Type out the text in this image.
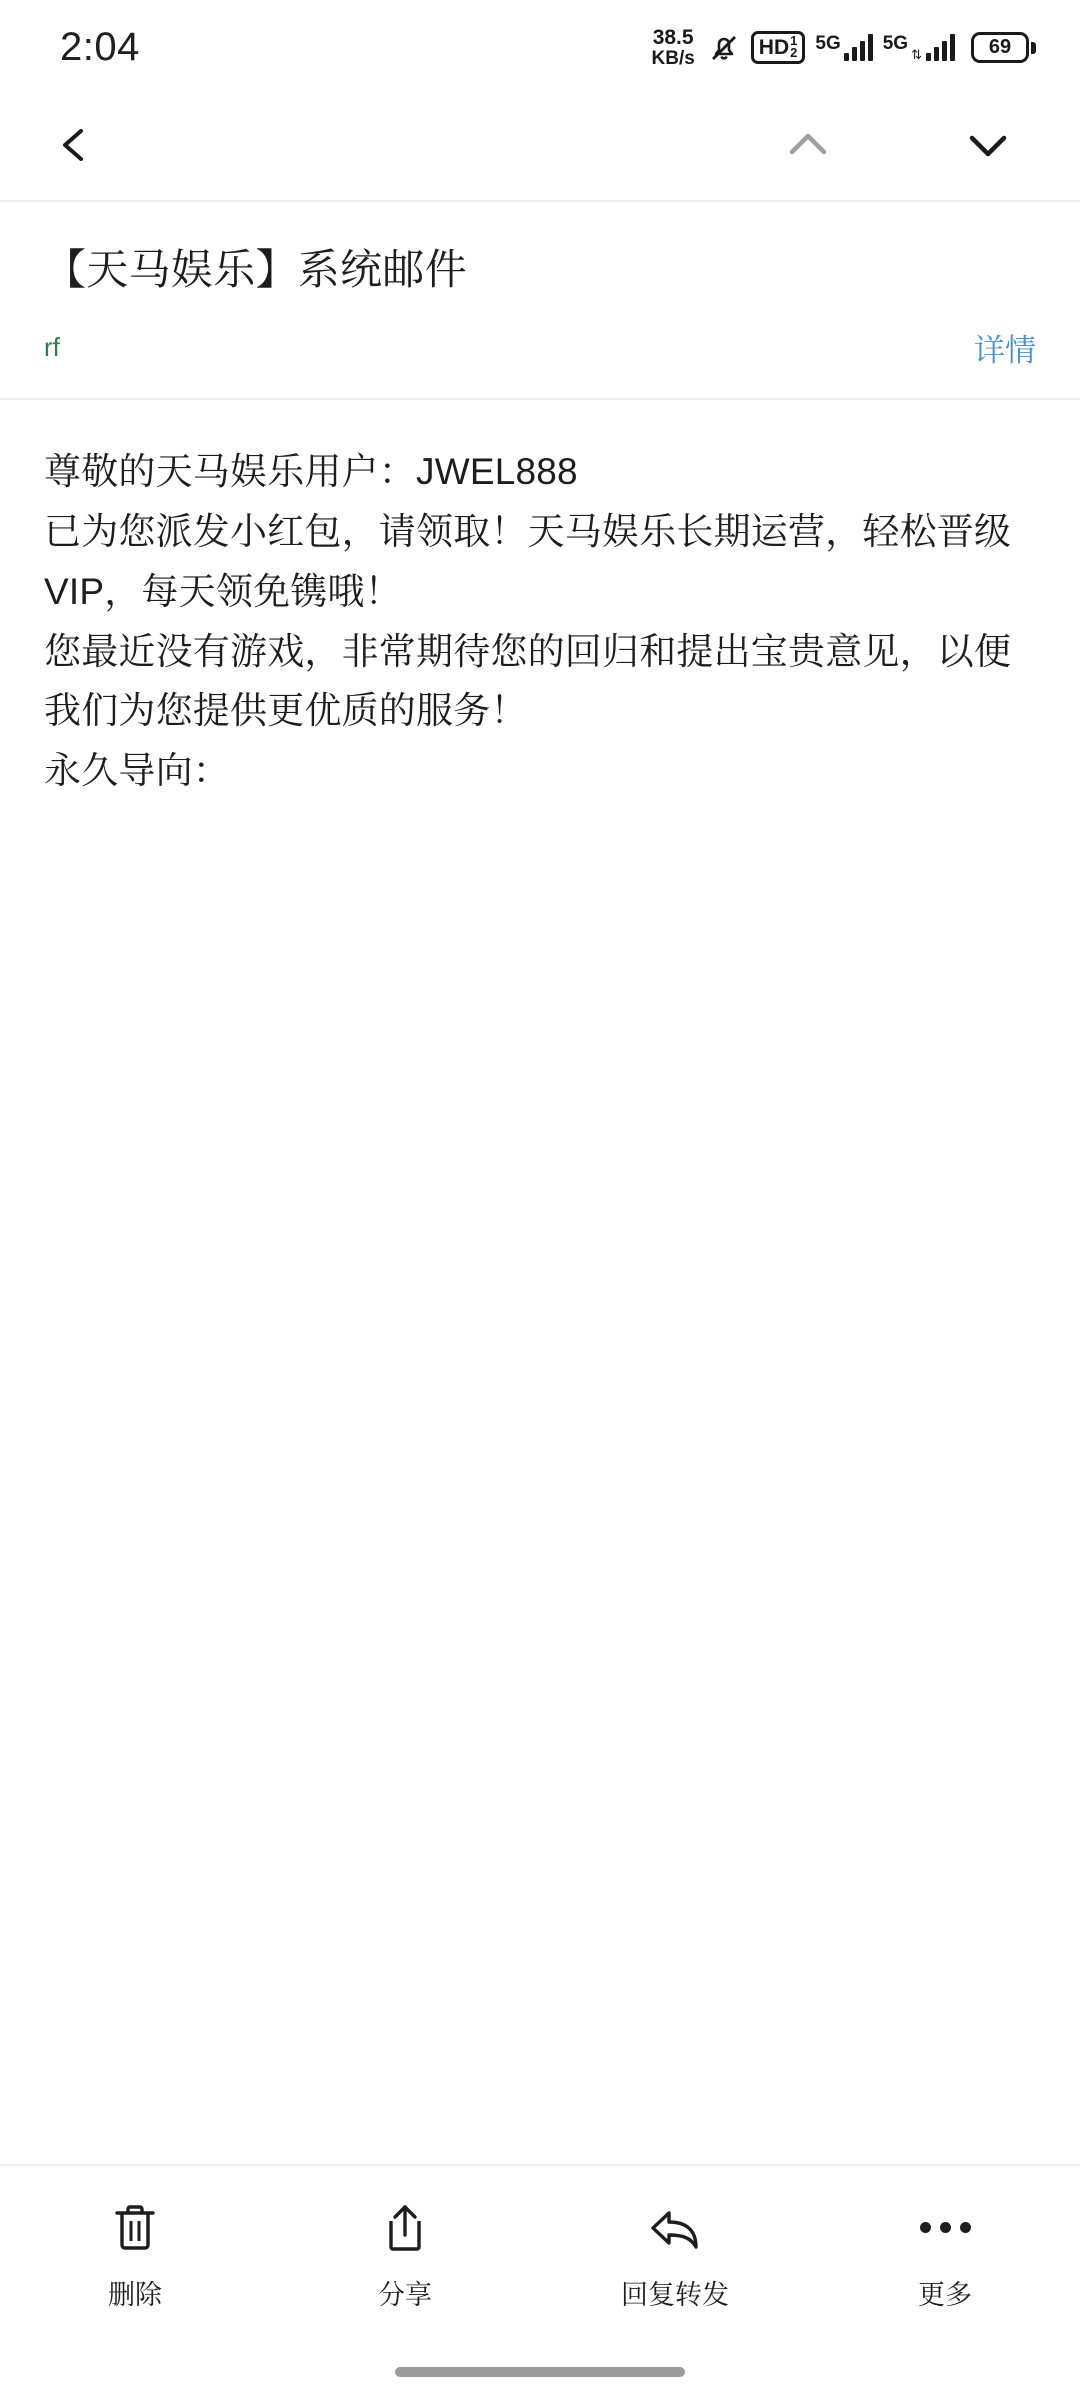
2:04	38.5
KB/s	HD 1
2 5G 5G
⇅	69
【天马娱乐】系统邮件
rf	详情

尊敬的天马娱乐用户：JWEL888

已为您派发小红包，请领取！天马娱乐长期运营，轻松晋级VIP，每天领免镌哦！

您最近没有游戏，非常期待您的回归和提出宝贵意见，以便我们为您提供更优质的服务！

永久导向：

删除	分享	回复转发	更多
